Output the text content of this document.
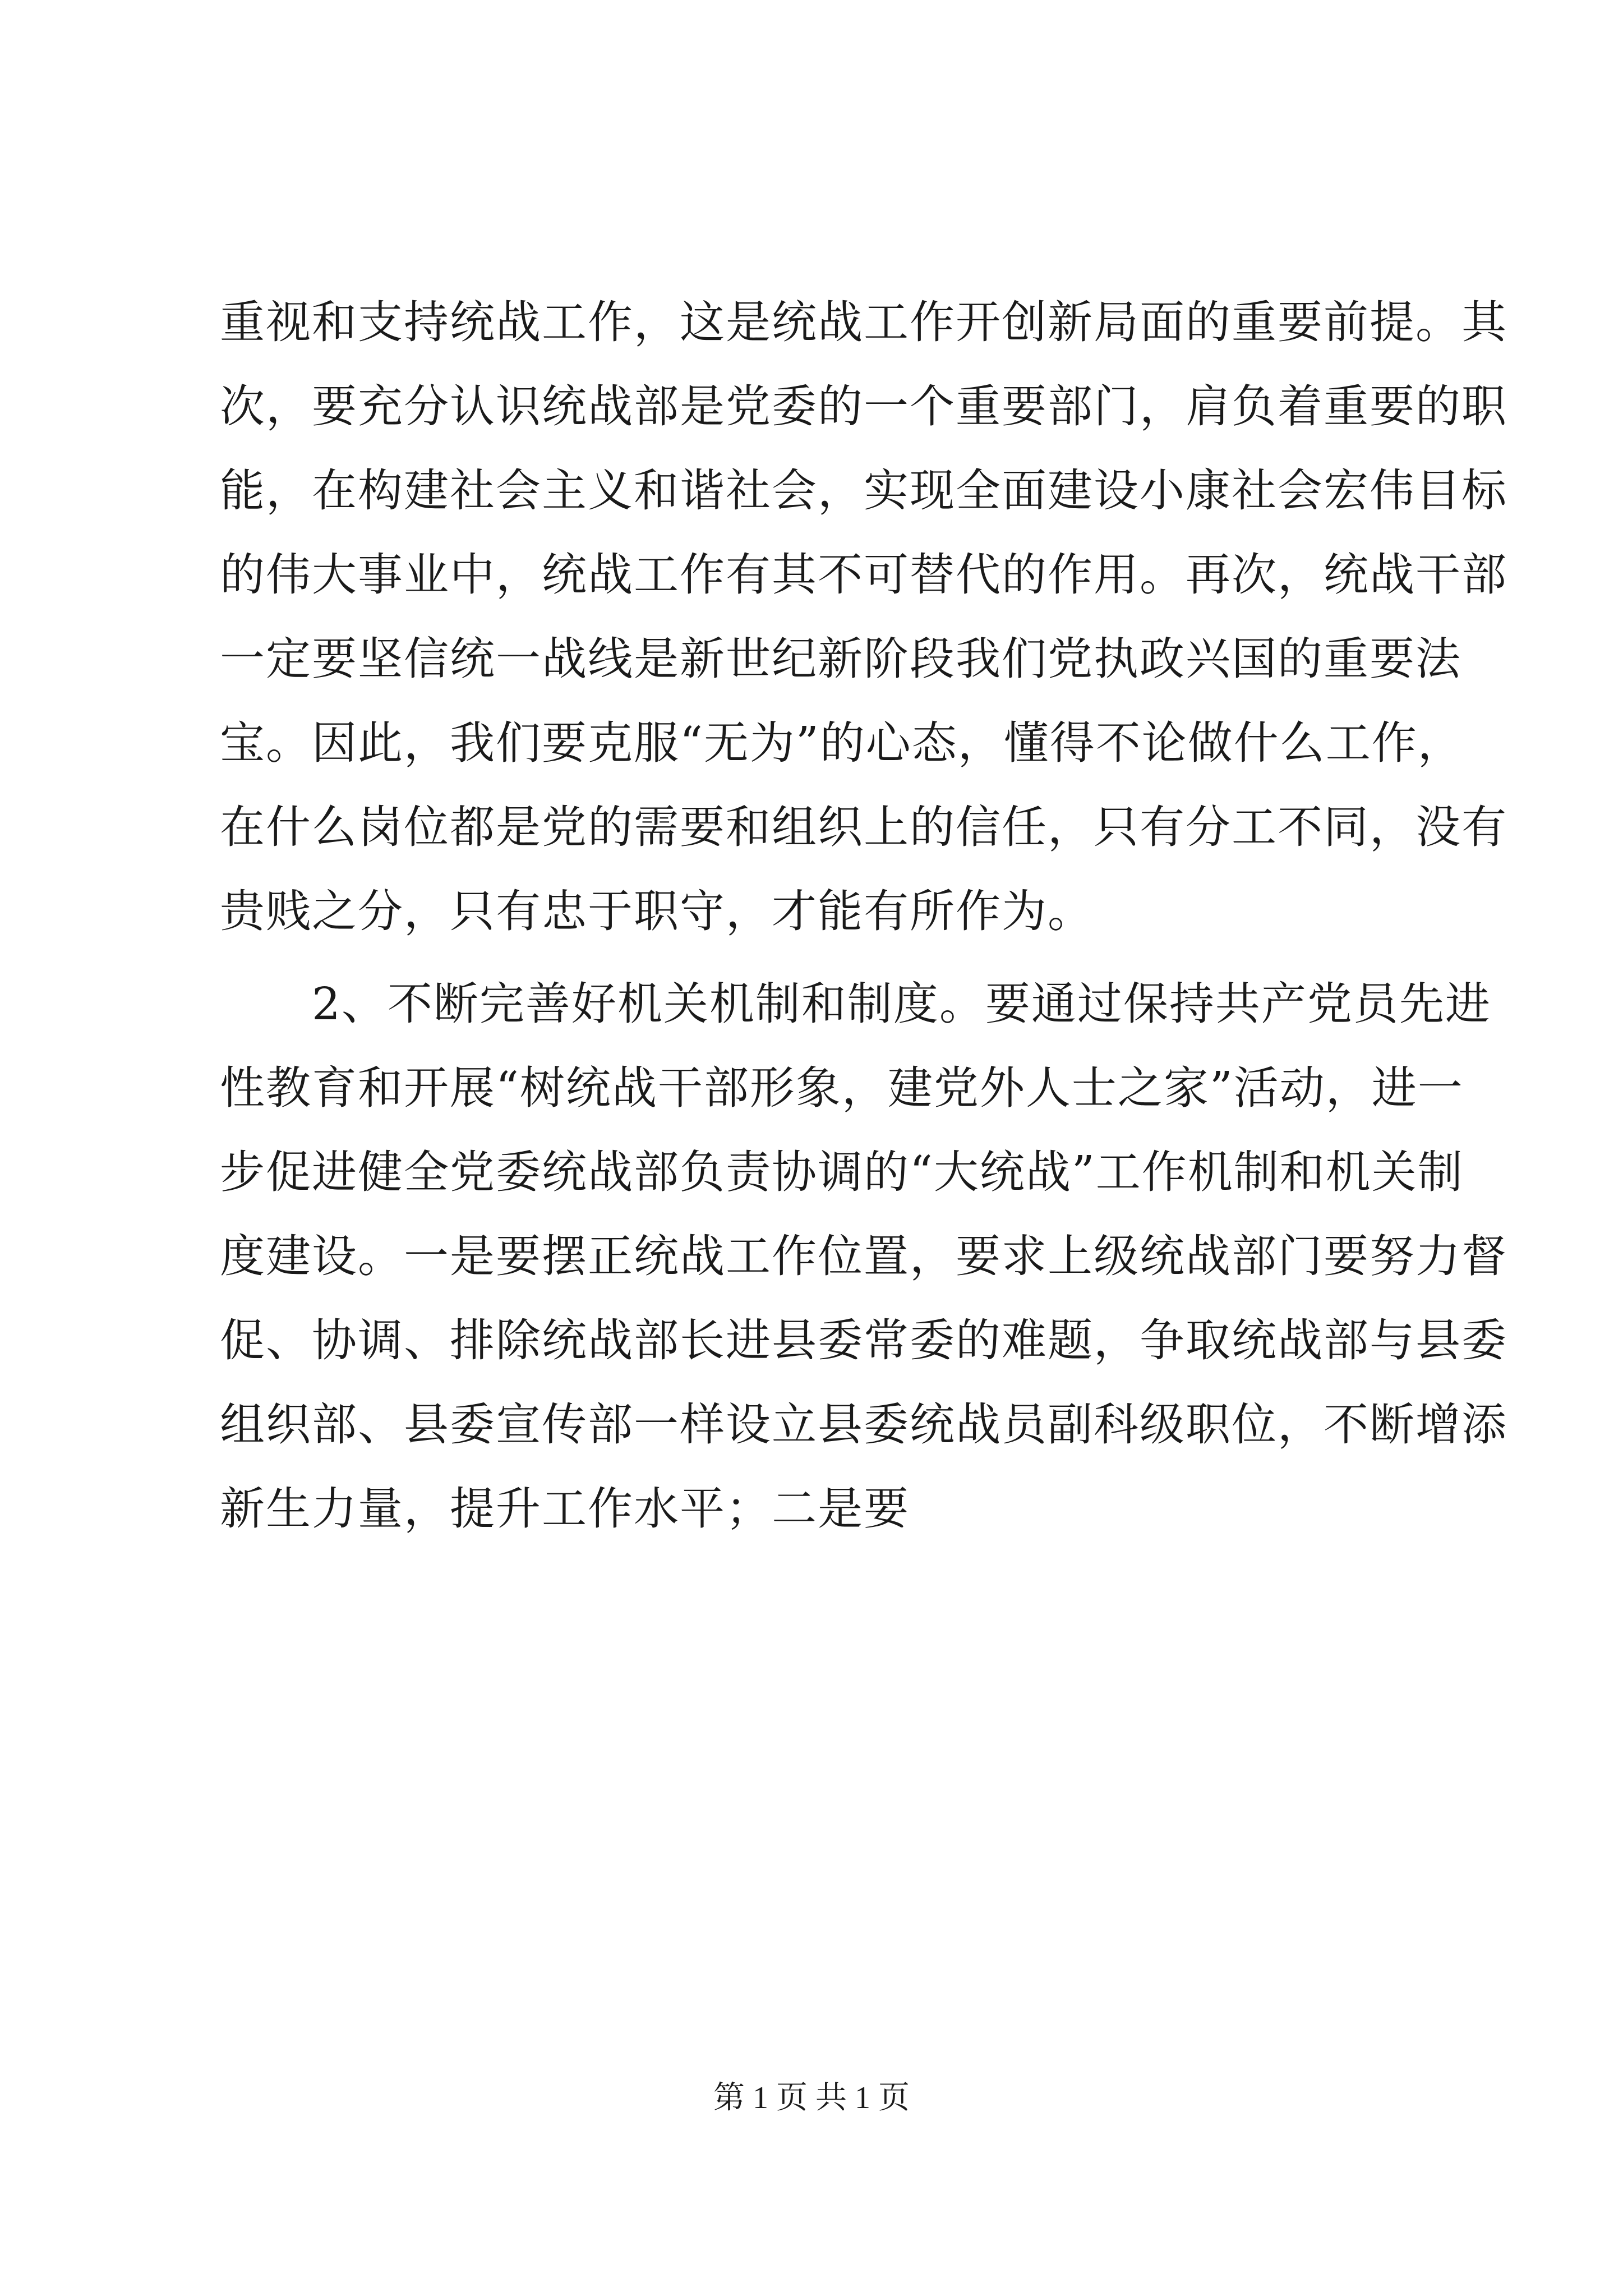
重视和支持统战工作，这是统战工作开创新局面的重要前提。其
次，要充分认识统战部是党委的一个重要部门，肩负着重要的职
能，在构建社会主义和谐社会，实现全面建设小康社会宏伟目标
的伟大事业中，统战工作有其不可替代的作用。再次，统战干部
一定要坚信统一战线是新世纪新阶段我们党执政兴国的重要法
宝。因此，我们要克服“无为”的心态，懂得不论做什么工作，
在什么岗位都是党的需要和组织上的信任，只有分工不同，没有
贵贱之分，只有忠于职守，才能有所作为。
　　2、不断完善好机关机制和制度。要通过保持共产党员先进
性教育和开展“树统战干部形象，建党外人士之家”活动，进一
步促进健全党委统战部负责协调的“大统战”工作机制和机关制
度建设。一是要摆正统战工作位置，要求上级统战部门要努力督
促、协调、排除统战部长进县委常委的难题，争取统战部与县委
组织部、县委宣传部一样设立县委统战员副科级职位，不断增添
新生力量，提升工作水平；二是要
第 1 页 共 1 页
